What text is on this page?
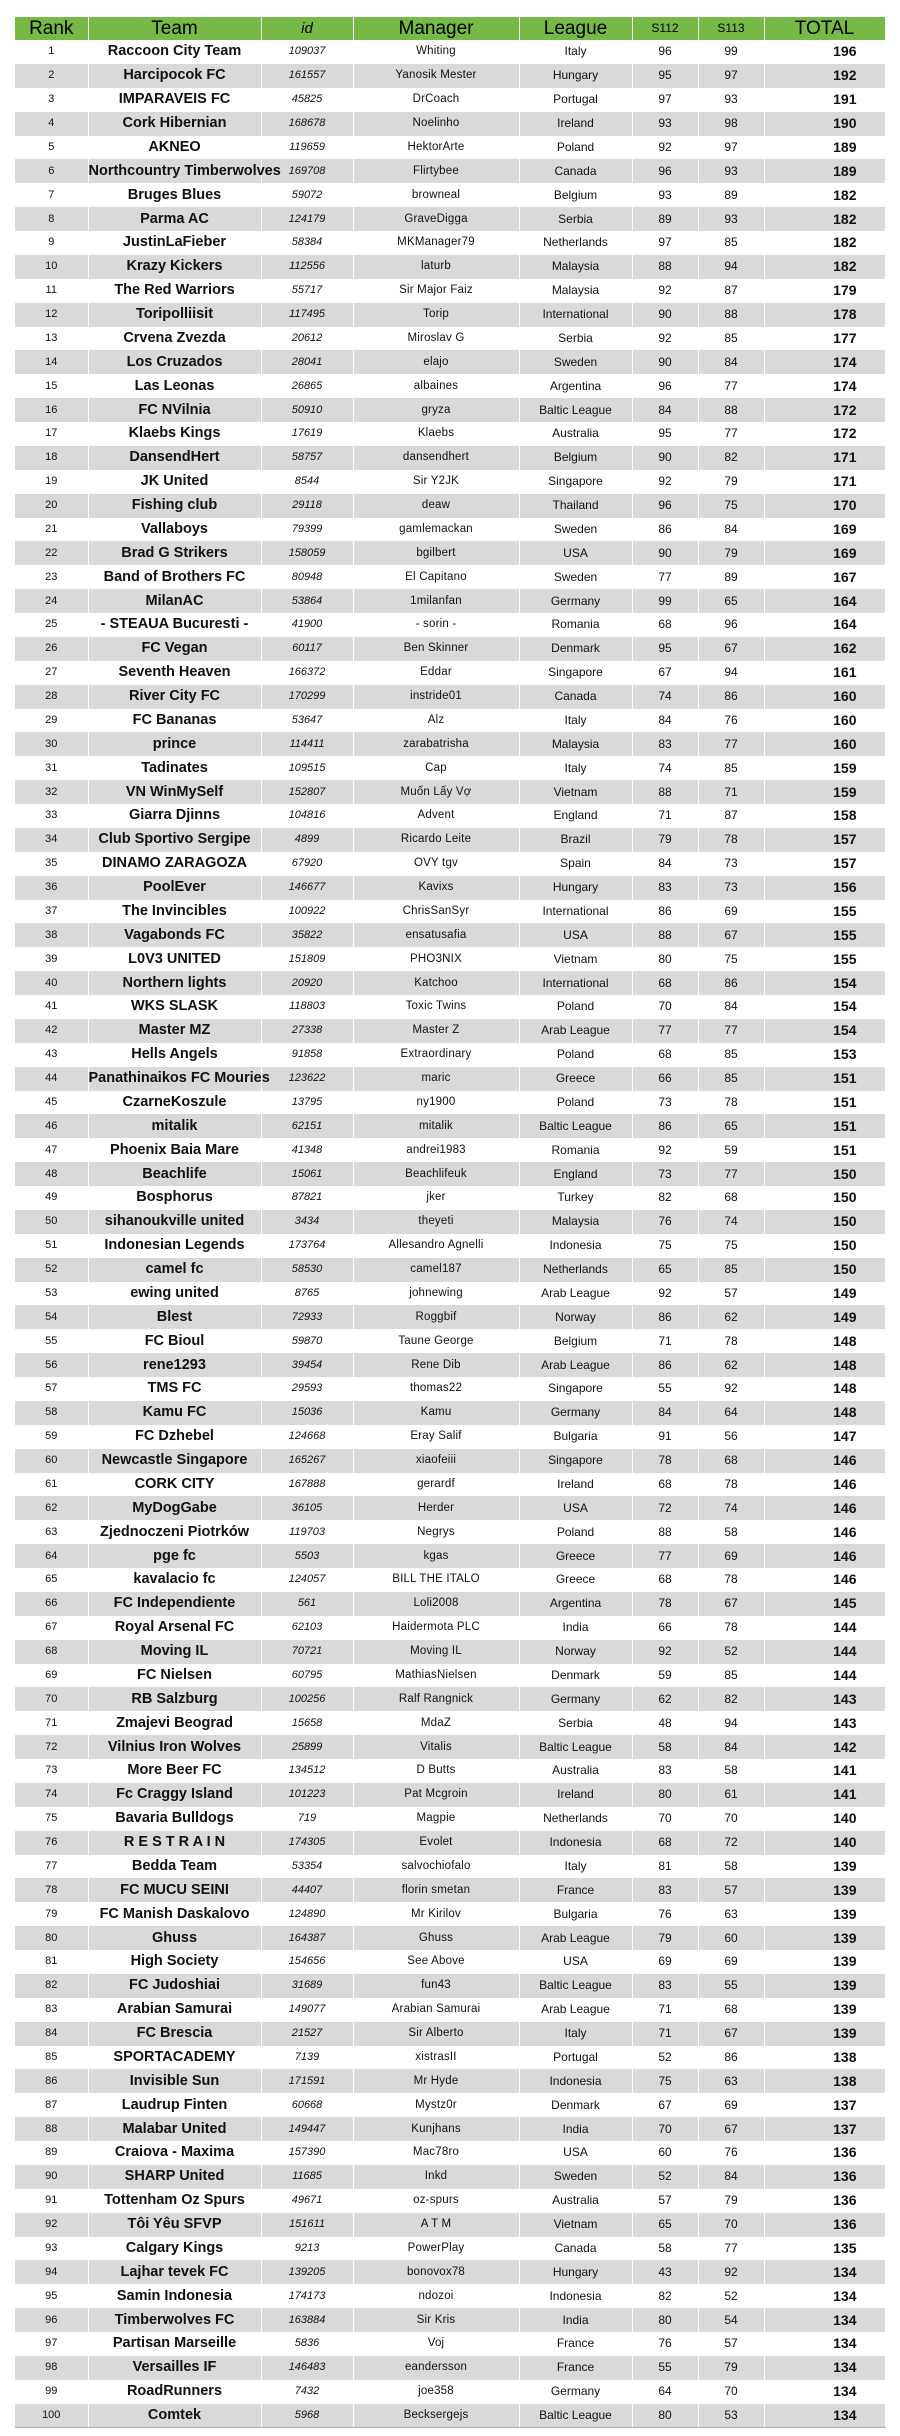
Rank	Team	id	Manager	League	S112	S113	TOTAL
1	Raccoon City Team	109037	Whiting	Italy	96	99	196
2	Harcipocok FC	161557	Yanosik Mester	Hungary	95	97	192
3	IMPARAVEIS FC	45825	DrCoach	Portugal	97	93	191
4	Cork Hibernian	168678	Noelinho	Ireland	93	98	190
5	AKNEO	119659	HektorArte	Poland	92	97	189
6	Northcountry Timberwolves	169708	Flirtybee	Canada	96	93	189
7	Bruges Blues	59072	browneal	Belgium	93	89	182
8	Parma AC	124179	GraveDigga	Serbia	89	93	182
9	JustinLaFieber	58384	MKManager79	Netherlands	97	85	182
10	Krazy Kickers	112556	laturb	Malaysia	88	94	182
11	The Red Warriors	55717	Sir Major Faiz	Malaysia	92	87	179
12	Toripolliisit	117495	Torip	International	90	88	178
13	Crvena Zvezda	20612	Miroslav G	Serbia	92	85	177
14	Los Cruzados	28041	elajo	Sweden	90	84	174
15	Las Leonas	26865	albaines	Argentina	96	77	174
16	FC NVilnia	50910	gryza	Baltic League	84	88	172
17	Klaebs Kings	17619	Klaebs	Australia	95	77	172
18	DansendHert	58757	dansendhert	Belgium	90	82	171
19	JK United	8544	Sir Y2JK	Singapore	92	79	171
20	Fishing club	29118	deaw	Thailand	96	75	170
21	Vallaboys	79399	gamlemackan	Sweden	86	84	169
22	Brad G Strikers	158059	bgilbert	USA	90	79	169
23	Band of Brothers FC	80948	El Capitano	Sweden	77	89	167
24	MilanAC	53864	1milanfan	Germany	99	65	164
25	- STEAUA Bucuresti -	41900	- sorin -	Romania	68	96	164
26	FC Vegan	60117	Ben Skinner	Denmark	95	67	162
27	Seventh Heaven	166372	Eddar	Singapore	67	94	161
28	River City FC	170299	instride01	Canada	74	86	160
29	FC Bananas	53647	Alz	Italy	84	76	160
30	prince	114411	zarabatrisha	Malaysia	83	77	160
31	Tadinates	109515	Cap	Italy	74	85	159
32	VN WinMySelf	152807	Muốn Lấy Vợ	Vietnam	88	71	159
33	Giarra Djinns	104816	Advent	England	71	87	158
34	Club Sportivo Sergipe	4899	Ricardo Leite	Brazil	79	78	157
35	DINAMO ZARAGOZA	67920	OVY tgv	Spain	84	73	157
36	PoolEver	146677	Kavixs	Hungary	83	73	156
37	The Invincibles	100922	ChrisSanSyr	International	86	69	155
38	Vagabonds FC	35822	ensatusafia	USA	88	67	155
39	L0V3 UNITED	151809	PHO3NIX	Vietnam	80	75	155
40	Northern lights	20920	Katchoo	International	68	86	154
41	WKS SLASK	118803	Toxic Twins	Poland	70	84	154
42	Master MZ	27338	Master Z	Arab League	77	77	154
43	Hells Angels	91858	Extraordinary	Poland	68	85	153
44	Panathinaikos FC Mouries	123622	maric	Greece	66	85	151
45	CzarneKoszule	13795	ny1900	Poland	73	78	151
46	mitalik	62151	mitalik	Baltic League	86	65	151
47	Phoenix Baia Mare	41348	andrei1983	Romania	92	59	151
48	Beachlife	15061	Beachlifeuk	England	73	77	150
49	Bosphorus	87821	jker	Turkey	82	68	150
50	sihanoukville united	3434	theyeti	Malaysia	76	74	150
51	Indonesian Legends	173764	Allesandro Agnelli	Indonesia	75	75	150
52	camel fc	58530	camel187	Netherlands	65	85	150
53	ewing united	8765	johnewing	Arab League	92	57	149
54	Blest	72933	Roggbif	Norway	86	62	149
55	FC Bioul	59870	Taune George	Belgium	71	78	148
56	rene1293	39454	Rene Dib	Arab League	86	62	148
57	TMS FC	29593	thomas22	Singapore	55	92	148
58	Kamu FC	15036	Kamu	Germany	84	64	148
59	FC Dzhebel	124668	Eray Salif	Bulgaria	91	56	147
60	Newcastle Singapore	165267	xiaofeiii	Singapore	78	68	146
61	CORK CITY	167888	gerardf	Ireland	68	78	146
62	MyDogGabe	36105	Herder	USA	72	74	146
63	Zjednoczeni Piotrków	119703	Negrys	Poland	88	58	146
64	pge fc	5503	kgas	Greece	77	69	146
65	kavalacio fc	124057	BILL THE ITALO	Greece	68	78	146
66	FC Independiente	561	Loli2008	Argentina	78	67	145
67	Royal Arsenal FC	62103	Haidermota PLC	India	66	78	144
68	Moving IL	70721	Moving IL	Norway	92	52	144
69	FC Nielsen	60795	MathiasNielsen	Denmark	59	85	144
70	RB Salzburg	100256	Ralf Rangnick	Germany	62	82	143
71	Zmajevi Beograd	15658	MdaZ	Serbia	48	94	143
72	Vilnius Iron Wolves	25899	Vitalis	Baltic League	58	84	142
73	More Beer FC	134512	D Butts	Australia	83	58	141
74	Fc Craggy Island	101223	Pat Mcgroin	Ireland	80	61	141
75	Bavaria Bulldogs	719	Magpie	Netherlands	70	70	140
76	R E S T R A I N	174305	Evolet	Indonesia	68	72	140
77	Bedda Team	53354	salvochiofalo	Italy	81	58	139
78	FC MUCU SEINI	44407	florin smetan	France	83	57	139
79	FC Manish Daskalovo	124890	Mr Kirilov	Bulgaria	76	63	139
80	Ghuss	164387	Ghuss	Arab League	79	60	139
81	High Society	154656	See Above	USA	69	69	139
82	FC Judoshiai	31689	fun43	Baltic League	83	55	139
83	Arabian Samurai	149077	Arabian Samurai	Arab League	71	68	139
84	FC Brescia	21527	Sir Alberto	Italy	71	67	139
85	SPORTACADEMY	7139	xistrasII	Portugal	52	86	138
86	Invisible Sun	171591	Mr Hyde	Indonesia	75	63	138
87	Laudrup Finten	60668	Mystz0r	Denmark	67	69	137
88	Malabar United	149447	Kunjhans	India	70	67	137
89	Craiova - Maxima	157390	Mac78ro	USA	60	76	136
90	SHARP United	11685	Inkd	Sweden	52	84	136
91	Tottenham Oz Spurs	49671	oz-spurs	Australia	57	79	136
92	Tôi Yêu SFVP	151611	A T M	Vietnam	65	70	136
93	Calgary Kings	9213	PowerPlay	Canada	58	77	135
94	Lajhar tevek FC	139205	bonovox78	Hungary	43	92	134
95	Samin Indonesia	174173	ndozoi	Indonesia	82	52	134
96	Timberwolves FC	163884	Sir Kris	India	80	54	134
97	Partisan Marseille	5836	Voj	France	76	57	134
98	Versailles IF	146483	eandersson	France	55	79	134
99	RoadRunners	7432	joe358	Germany	64	70	134
100	Comtek	5968	Becksergejs	Baltic League	80	53	134
